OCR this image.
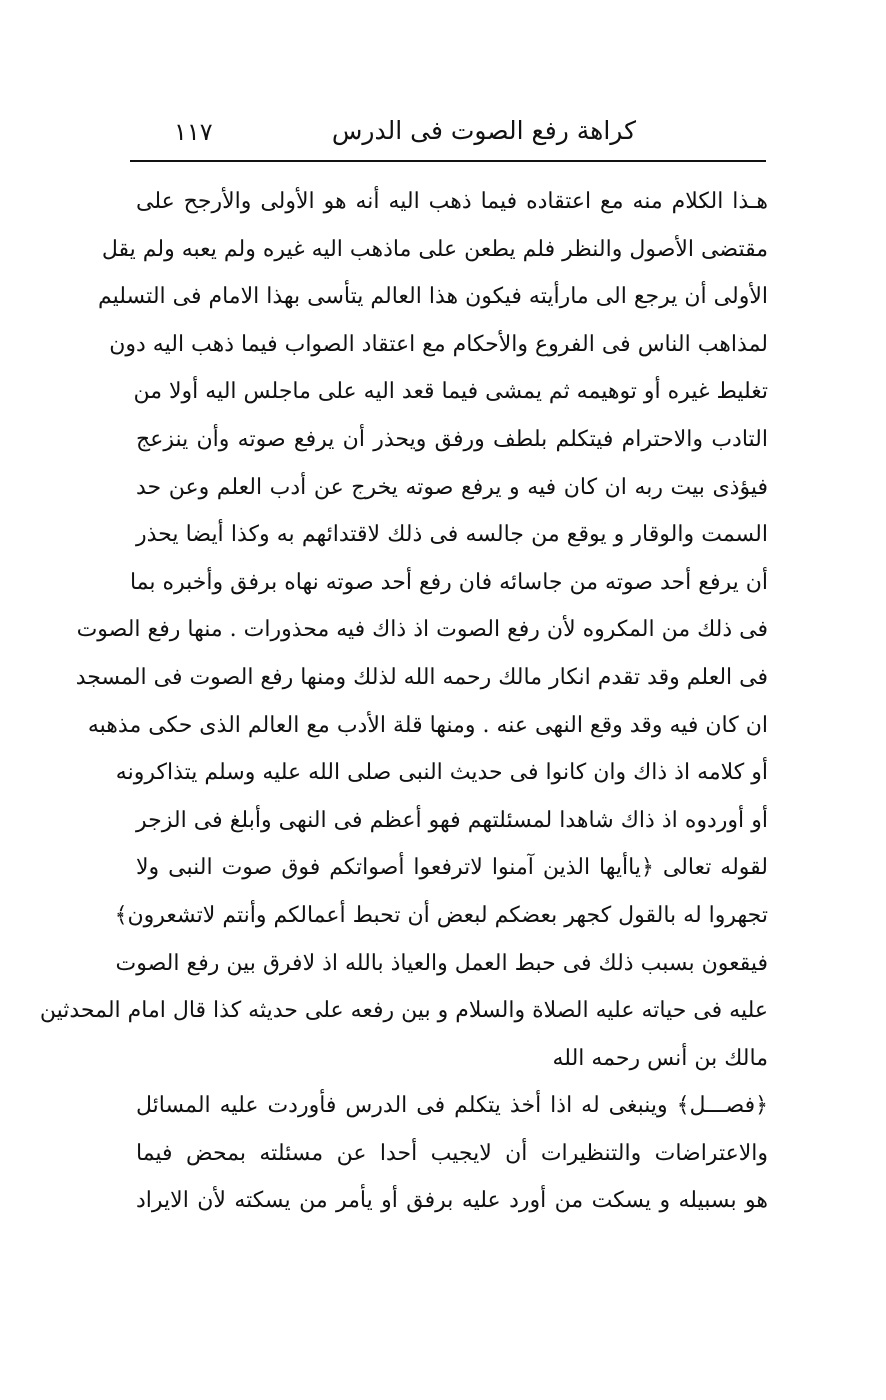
كراهة رفع الصوت فى الدرس
١١٧
هـذا الكلام منه مع اعتقاده فيما ذهب اليه أنه هو الأولى والأرجح على
مقتضى الأصول والنظر فلم يطعن على ماذهب اليه غيره ولم يعبه ولم يقل
الأولى أن يرجع الى مارأيته فيكون هذا العالم يتأسى بهذا الامام فى التسليم
لمذاهب الناس فى الفروع والأحكام مع اعتقاد الصواب فيما ذهب اليه دون
تغليط غيره أو توهيمه ثم يمشى فيما قعد اليه على ماجلس اليه أولا من
التادب والاحترام فيتكلم بلطف ورفق ويحذر أن يرفع صوته وأن ينزعج
فيؤذى بيت ربه ان كان فيه و يرفع صوته يخرج عن أدب العلم وعن حد
السمت والوقار و يوقع من جالسه فى ذلك لاقتدائهم به وكذا أيضا يحذر
أن يرفع أحد صوته من جاسائه فان رفع أحد صوته نهاه برفق وأخبره بما
فى ذلك من المكروه لأن رفع الصوت اذ ذاك فيه محذورات . منها رفع الصوت
فى العلم وقد تقدم انكار مالك رحمه الله لذلك ومنها رفع الصوت فى المسجد
ان كان فيه وقد وقع النهى عنه . ومنها قلة الأدب مع العالم الذى حكى مذهبه
أو كلامه اذ ذاك وان كانوا فى حديث النبى صلى الله عليه وسلم يتذاكرونه
أو أوردوه اذ ذاك شاهدا لمسئلتهم فهو أعظم فى النهى وأبلغ فى الزجر
لقوله تعالى ﴿ياأيها الذين آمنوا لاترفعوا أصواتكم فوق صوت النبى ولا
تجهروا له بالقول كجهر بعضكم لبعض أن تحبط أعمالكم وأنتم لاتشعرون﴾
فيقعون بسبب ذلك فى حبط العمل والعياذ بالله اذ لافرق بين رفع الصوت
عليه فى حياته عليه الصلاة والسلام و بين رفعه على حديثه كذا قال امام المحدثين
مالك بن أنس رحمه الله
﴿فصـــل﴾ وينبغى له اذا أخذ يتكلم فى الدرس فأوردت عليه المسائل
والاعتراضات والتنظيرات أن لايجيب أحدا عن مسئلته بمحض فيما
هو بسبيله و يسكت من أورد عليه برفق أو يأمر من يسكته لأن الايراد
